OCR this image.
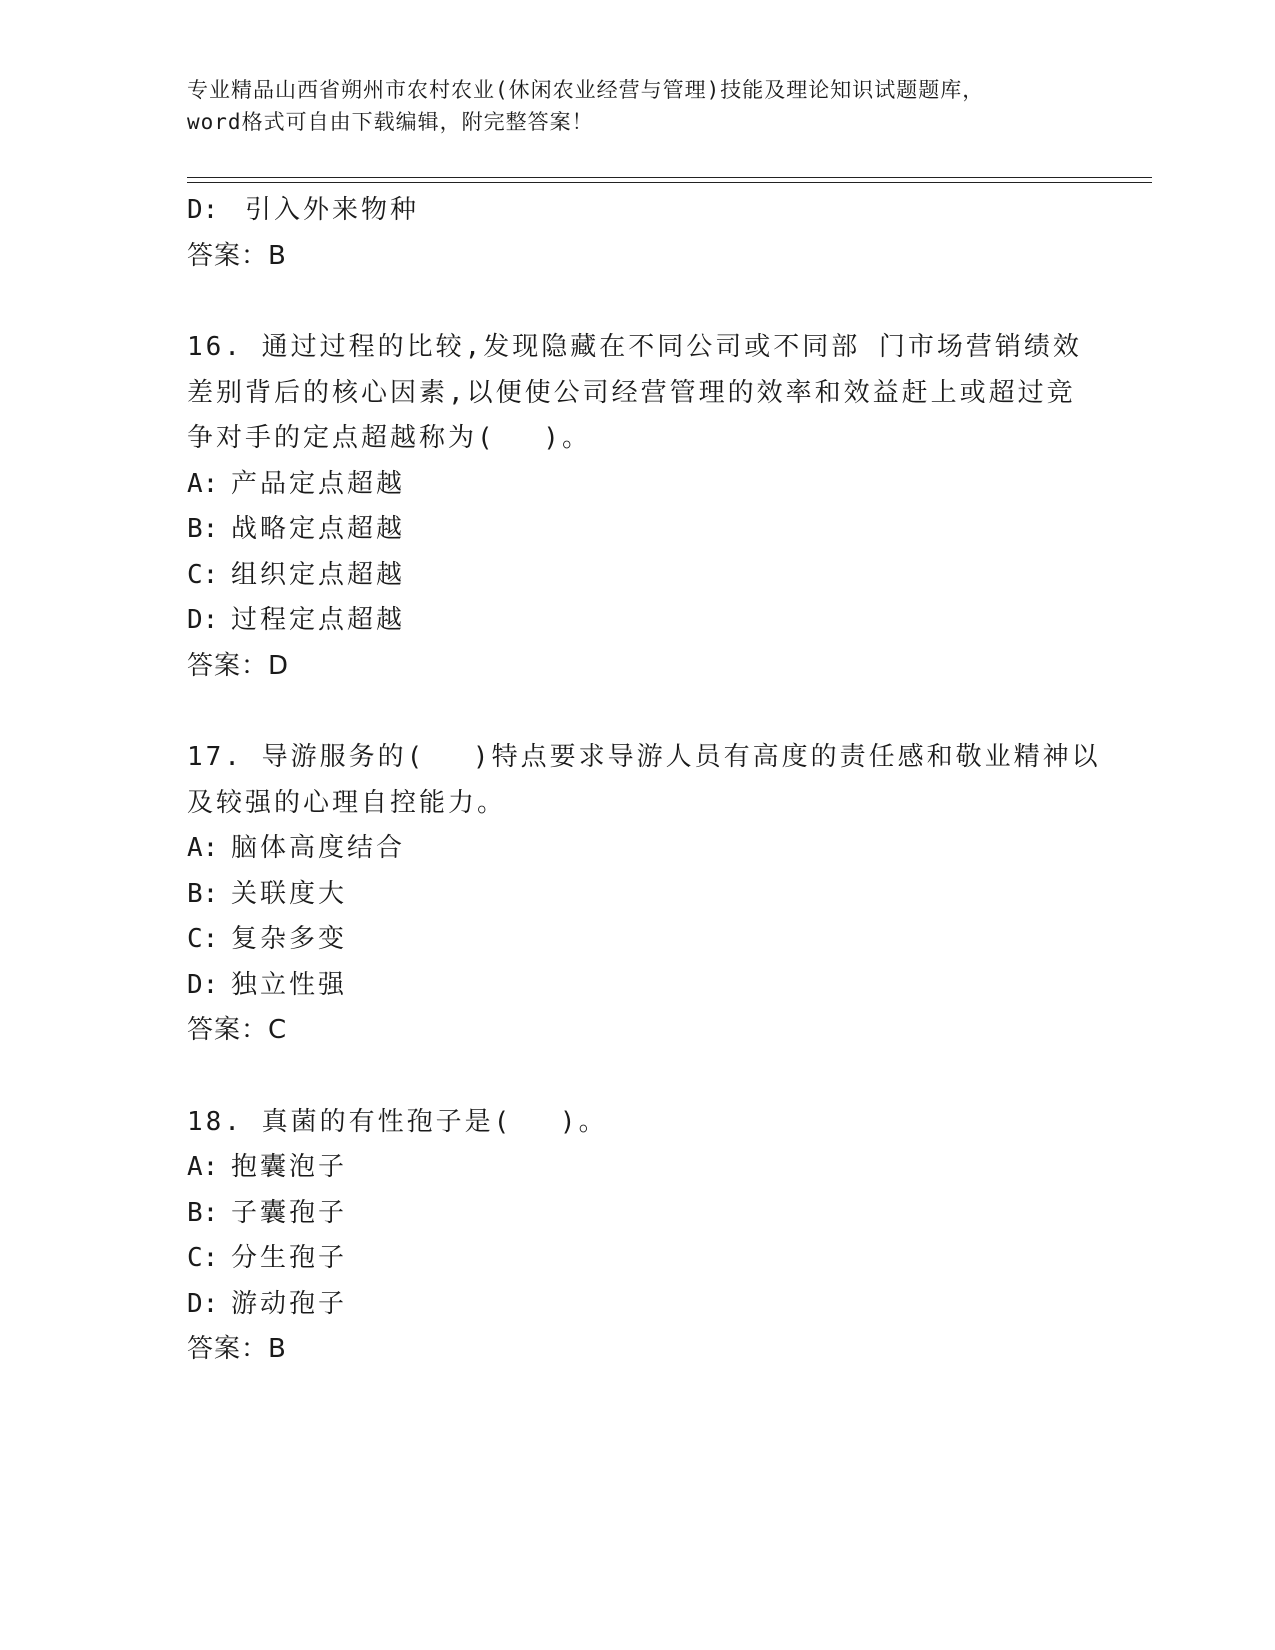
专业精品山西省朔州市农村农业(休闲农业经营与管理)技能及理论知识试题题库，
word格式可自由下载编辑，附完整答案！
D: 引入外来物种
答案：B
16. 通过过程的比较,发现隐藏在不同公司或不同部 门市场营销绩效
差别背后的核心因素,以便使公司经营管理的效率和效益赶上或超过竞
争对手的定点超越称为(　 )。
A: 产品定点超越
B: 战略定点超越
C: 组织定点超越
D: 过程定点超越
答案：D
17. 导游服务的(　 )特点要求导游人员有高度的责任感和敬业精神以
及较强的心理自控能力。
A: 脑体高度结合
B: 关联度大
C: 复杂多变
D: 独立性强
答案：C
18. 真菌的有性孢子是(　 )。
A: 抱囊泡子
B: 子囊孢子
C: 分生孢子
D: 游动孢子
答案：B
